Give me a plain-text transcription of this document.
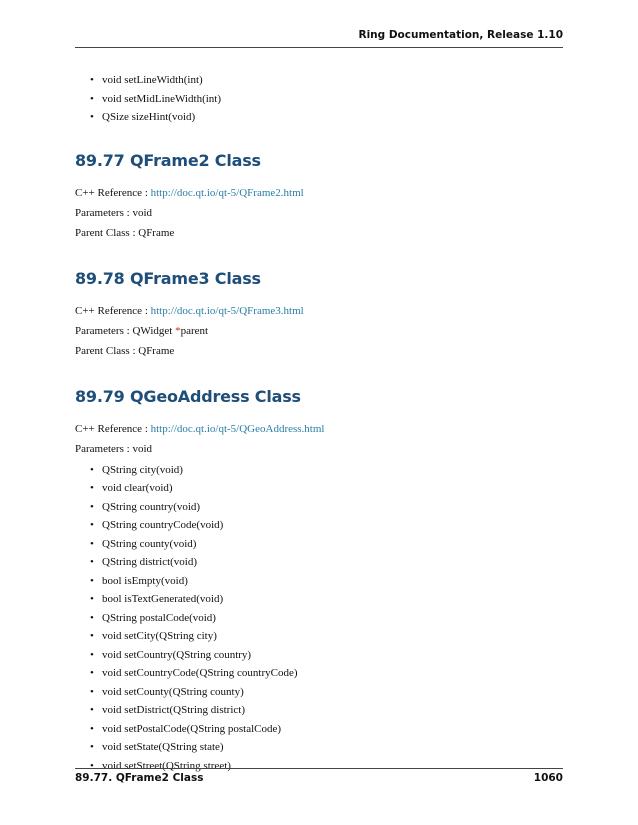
Ring Documentation, Release 1.10
• void setLineWidth(int)
• void setMidLineWidth(int)
• QSize sizeHint(void)
89.77 QFrame2 Class

C++ Reference : http://doc.qt.io/qt-5/QFrame2.html

Parameters : void

Parent Class : QFrame

89.78 QFrame3 Class

C++ Reference : http://doc.qt.io/qt-5/QFrame3.html

Parameters : QWidget *parent

Parent Class : QFrame

89.79 QGeoAddress Class

C++ Reference : http://doc.qt.io/qt-5/QGeoAddress.html

Parameters : void

• QString city(void)
• void clear(void)
• QString country(void)
• QString countryCode(void)
• QString county(void)
• QString district(void)
• bool isEmpty(void)
• bool isTextGenerated(void)
• QString postalCode(void)
• void setCity(QString city)
• void setCountry(QString country)
• void setCountryCode(QString countryCode)
• void setCounty(QString county)
• void setDistrict(QString district)
• void setPostalCode(QString postalCode)
• void setState(QString state)
• void setStreet(QString street)
89.77. QFrame2 Class	1060
